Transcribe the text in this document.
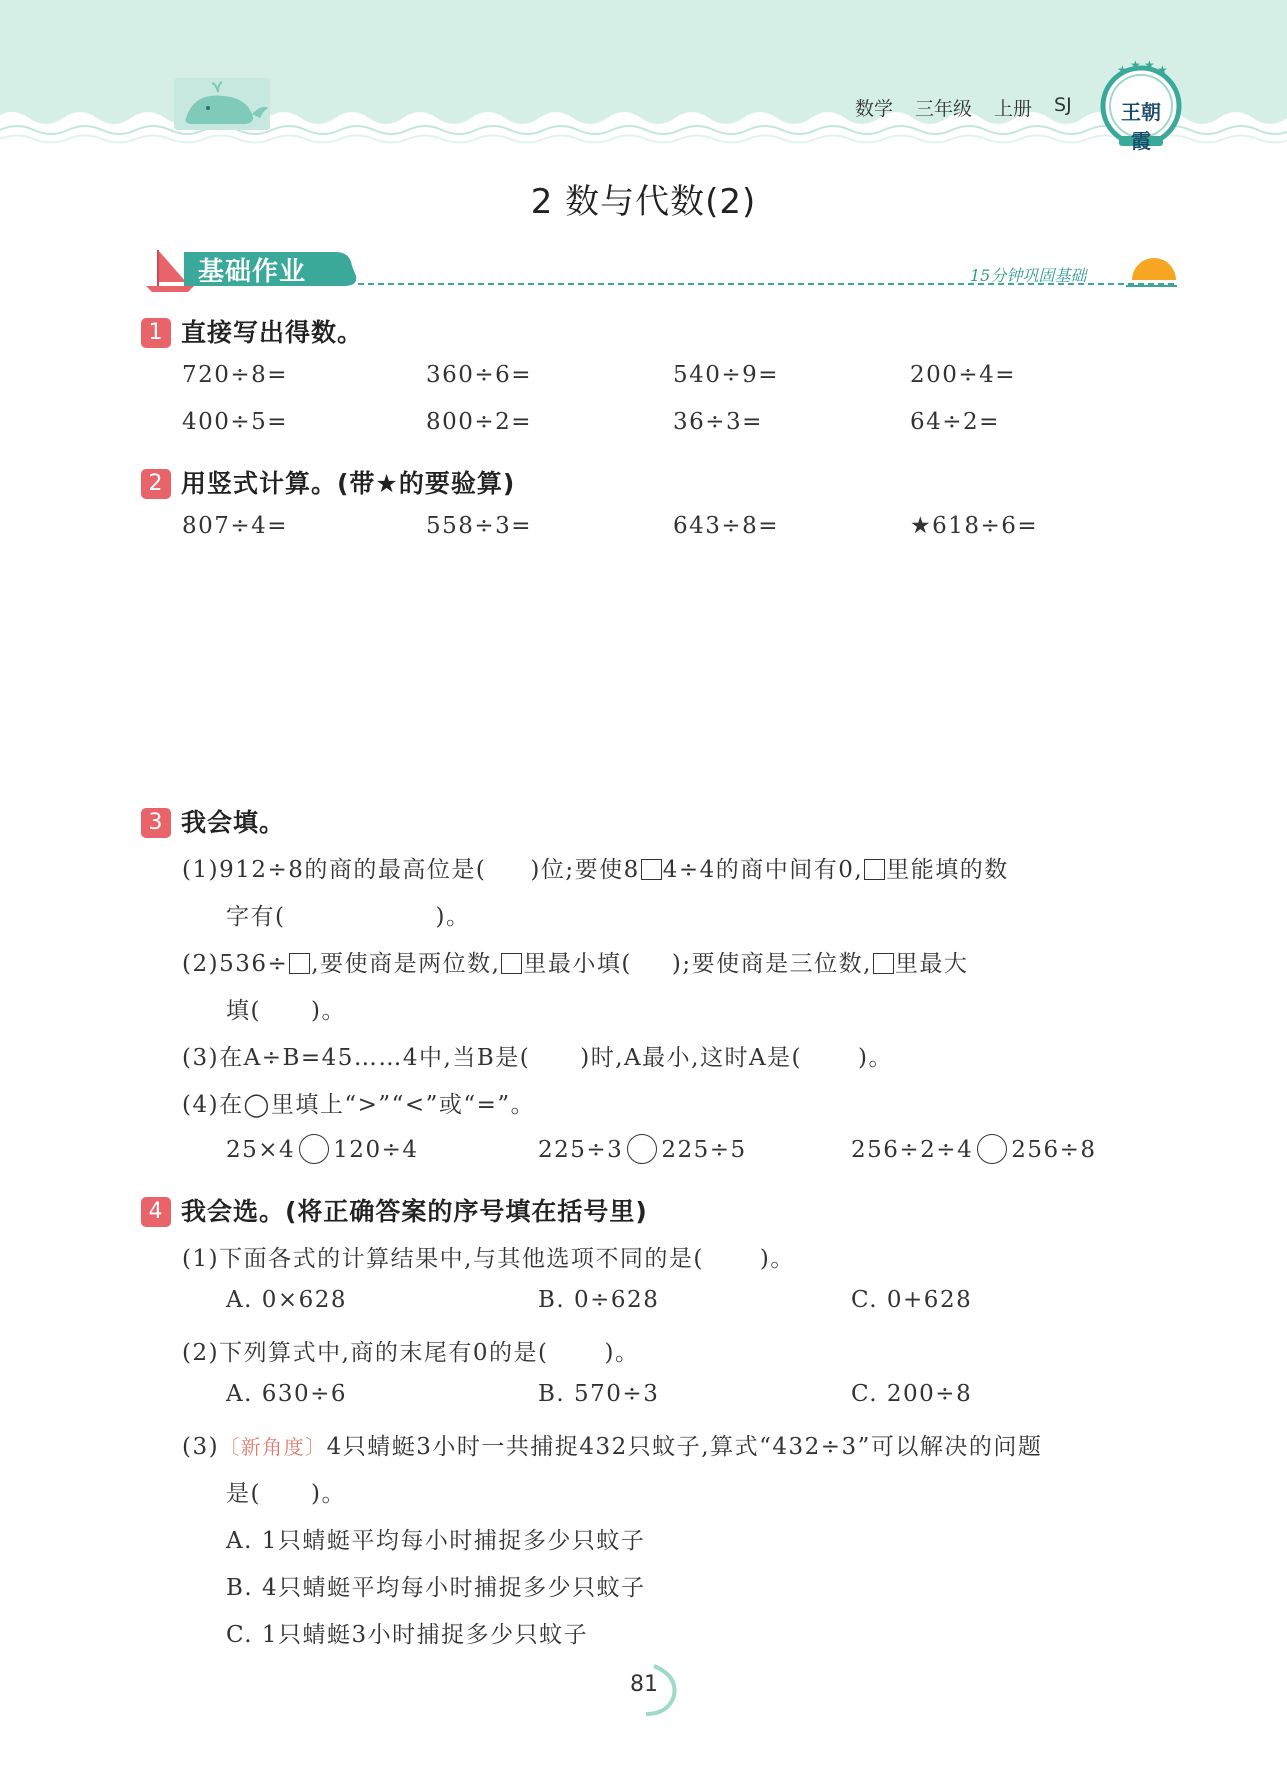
数学 三年级 上册 SJ
★ ★ ★ ★
王朝霞
2 数与代数(2)
基础作业	15分钟巩固基础
1 直接写出得数。
720÷8=	360÷6=	540÷9=	200÷4=
400÷5=	800÷2=	36÷3=	64÷2=
2 用竖式计算。(带★的要验算)
807÷4=	558÷3=	643÷8=	★618÷6=
3 我会填。
(1)912÷8的商的最高位是( )位;要使8 4÷4的商中间有0, 里能填的数
字有(	)。
(2)536÷ ,要使商是两位数, 里最小填( );要使商是三位数, 里最大
填( )。
(3)在A÷B=45……4中,当B是( )时,A最小,这时A是( )。
(4)在◯里填上“>”“<”或“=”。
25×4 120÷4	225÷3 225÷5	256÷2÷4 256÷8
4 我会选。(将正确答案的序号填在括号里)
(1)下面各式的计算结果中,与其他选项不同的是( )。
A. 0×628	B. 0÷628	C. 0+628
(2)下列算式中,商的末尾有0的是( )。
A. 630÷6	B. 570÷3	C. 200÷8
(3)〔新角度〕4只蜻蜓3小时一共捕捉432只蚊子,算式“432÷3”可以解决的问题
是( )。
A. 1只蜻蜓平均每小时捕捉多少只蚊子
B. 4只蜻蜓平均每小时捕捉多少只蚊子
C. 1只蜻蜓3小时捕捉多少只蚊子
81
